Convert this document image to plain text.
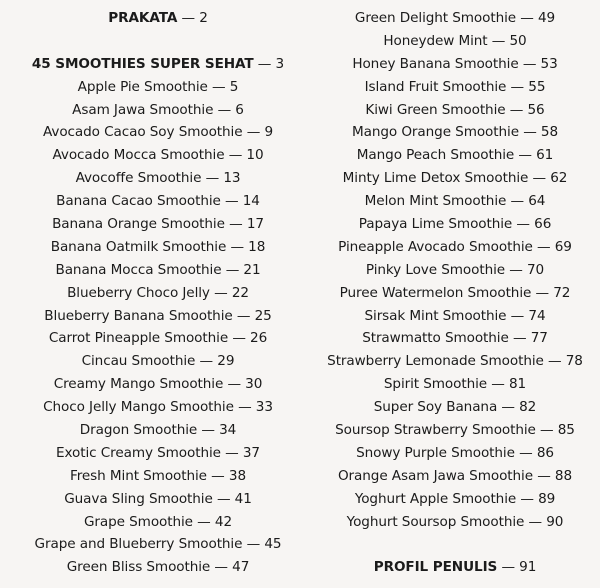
PRAKATA — 2
45 SMOOTHIES SUPER SEHAT — 3
Apple Pie Smoothie — 5
Asam Jawa Smoothie — 6
Avocado Cacao Soy Smoothie — 9
Avocado Mocca Smoothie — 10
Avocoffe Smoothie — 13
Banana Cacao Smoothie — 14
Banana Orange Smoothie — 17
Banana Oatmilk Smoothie — 18
Banana Mocca Smoothie — 21
Blueberry Choco Jelly — 22
Blueberry Banana Smoothie — 25
Carrot Pineapple Smoothie — 26
Cincau Smoothie — 29
Creamy Mango Smoothie — 30
Choco Jelly Mango Smoothie — 33
Dragon Smoothie — 34
Exotic Creamy Smoothie — 37
Fresh Mint Smoothie — 38
Guava Sling Smoothie — 41
Grape Smoothie — 42
Grape and Blueberry Smoothie — 45
Green Bliss Smoothie — 47
Green Delight Smoothie — 49
Honeydew Mint — 50
Honey Banana Smoothie — 53
Island Fruit Smoothie — 55
Kiwi Green Smoothie — 56
Mango Orange Smoothie — 58
Mango Peach Smoothie — 61
Minty Lime Detox Smoothie — 62
Melon Mint Smoothie — 64
Papaya Lime Smoothie — 66
Pineapple Avocado Smoothie — 69
Pinky Love Smoothie — 70
Puree Watermelon Smoothie — 72
Sirsak Mint Smoothie — 74
Strawmatto Smoothie — 77
Strawberry Lemonade Smoothie — 78
Spirit Smoothie — 81
Super Soy Banana — 82
Soursop Strawberry Smoothie — 85
Snowy Purple Smoothie — 86
Orange Asam Jawa Smoothie — 88
Yoghurt Apple Smoothie — 89
Yoghurt Soursop Smoothie — 90
PROFIL PENULIS — 91
